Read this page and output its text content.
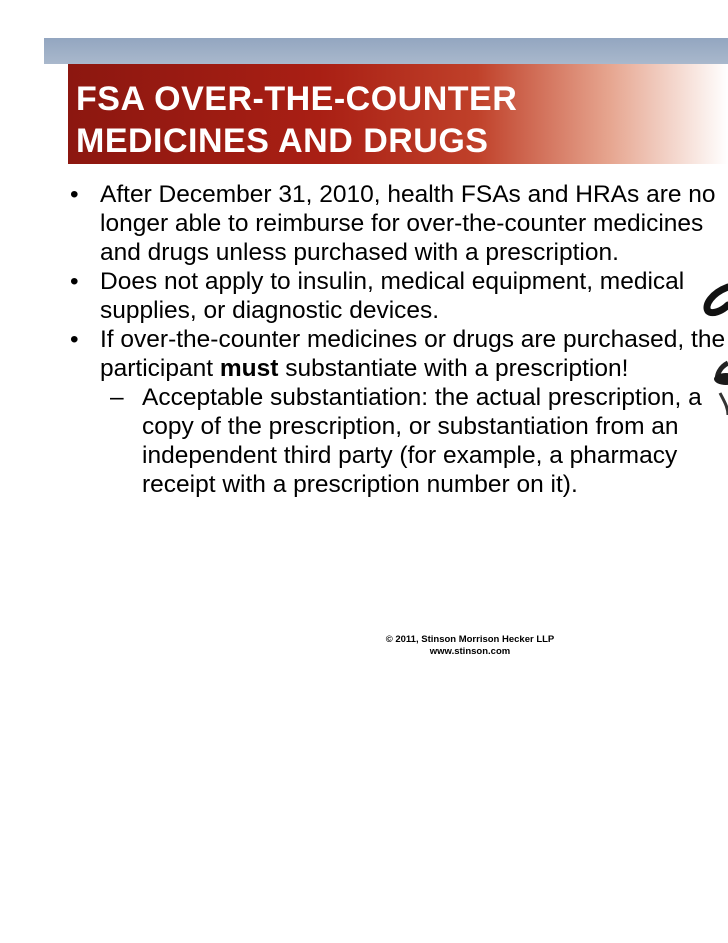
FSA OVER-THE-COUNTER
MEDICINES AND DRUGS
• After December 31, 2010, health FSAs and HRAs are no longer able to reimburse for over-the-counter medicines and drugs unless purchased with a prescription.
• Does not apply to insulin, medical equipment, medical supplies, or diagnostic devices.
• If over-the-counter medicines or drugs are purchased, the participant must substantiate with a prescription!
– Acceptable substantiation: the actual prescription, a copy of the prescription, or substantiation from an independent third party (for example, a pharmacy receipt with a prescription number on it).
© 2011, Stinson Morrison Hecker LLP
www.stinson.com
